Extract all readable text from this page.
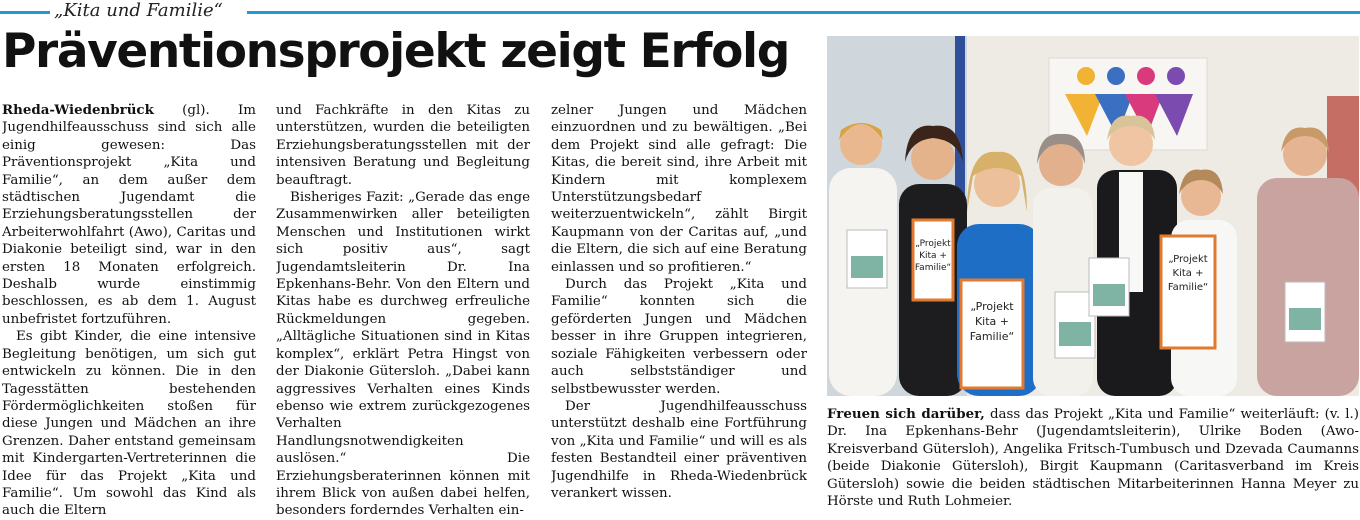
„Kita und Familie“
Präventionsprojekt zeigt Erfolg

Rheda-Wiedenbrück (gl). Im Jugendhilfeausschuss sind sich alle einig gewesen: Das Präventionsprojekt „Kita und Familie“, an dem außer dem städtischen Jugendamt die Erziehungsberatungsstellen der Arbeiterwohlfahrt (Awo), Caritas und Diakonie beteiligt sind, war in den ersten 18 Monaten erfolgreich. Deshalb wurde einstimmig beschlossen, es ab dem 1. August unbefristet fortzuführen.

Es gibt Kinder, die eine intensive Begleitung benötigen, um sich gut entwickeln zu können. Die in den Tagesstätten bestehenden Fördermöglichkeiten stoßen für diese Jungen und Mädchen an ihre Grenzen. Daher entstand gemeinsam mit Kindergarten-Vertreterinnen die Idee für das Projekt „Kita und Familie“. Um sowohl das Kind als auch die Eltern

und Fachkräfte in den Kitas zu unterstützen, wurden die beteiligten Erziehungsberatungsstellen mit der intensiven Beratung und Begleitung beauftragt.

Bisheriges Fazit: „Gerade das enge Zusammenwirken aller beteiligten Menschen und Institutionen wirkt sich positiv aus“, sagt Jugendamtsleiterin Dr. Ina Epkenhans-Behr. Von den Eltern und Kitas habe es durchweg erfreuliche Rückmeldungen gegeben. „Alltägliche Situationen sind in Kitas komplex“, erklärt Petra Hingst von der Diakonie Gütersloh. „Dabei kann aggressives Verhalten eines Kinds ebenso wie extrem zurückgezogenes Verhalten Handlungsnotwendigkeiten auslösen.“ Die Erziehungsberaterinnen können mit ihrem Blick von außen dabei helfen, besonders forderndes Verhalten ein-

zelner Jungen und Mädchen einzuordnen und zu bewältigen. „Bei dem Projekt sind alle gefragt: Die Kitas, die bereit sind, ihre Arbeit mit Kindern mit komplexem Unterstützungsbedarf weiterzuentwickeln“, zählt Birgit Kaupmann von der Caritas auf, „und die Eltern, die sich auf eine Beratung einlassen und so profitieren.“

Durch das Projekt „Kita und Familie“ konnten sich die geförderten Jungen und Mädchen besser in ihre Gruppen integrieren, soziale Fähigkeiten verbessern oder auch selbstständiger und selbstbewusster werden.

Der Jugendhilfeausschuss unterstützt deshalb eine Fortführung von „Kita und Familie“ und will es als festen Bestandteil einer präventiven Jugendhilfe in Rheda-Wiedenbrück verankert wissen.

„Projekt
Kita +
Familie“
„Projekt
Kita +
Familie“
„Projekt
Kita +
Familie“
Freuen sich darüber, dass das Projekt „Kita und Familie“ weiterläuft: (v. l.) Dr. Ina Epkenhans-Behr (Jugendamtsleiterin), Ulrike Boden (Awo-Kreisverband Gütersloh), Angelika Fritsch-Tumbusch und Dzevada Caumanns (beide Diakonie Gütersloh), Birgit Kaupmann (Caritasverband im Kreis Gütersloh) sowie die beiden städtischen Mitarbeiterinnen Hanna Meyer zu Hörste und Ruth Lohmeier.
